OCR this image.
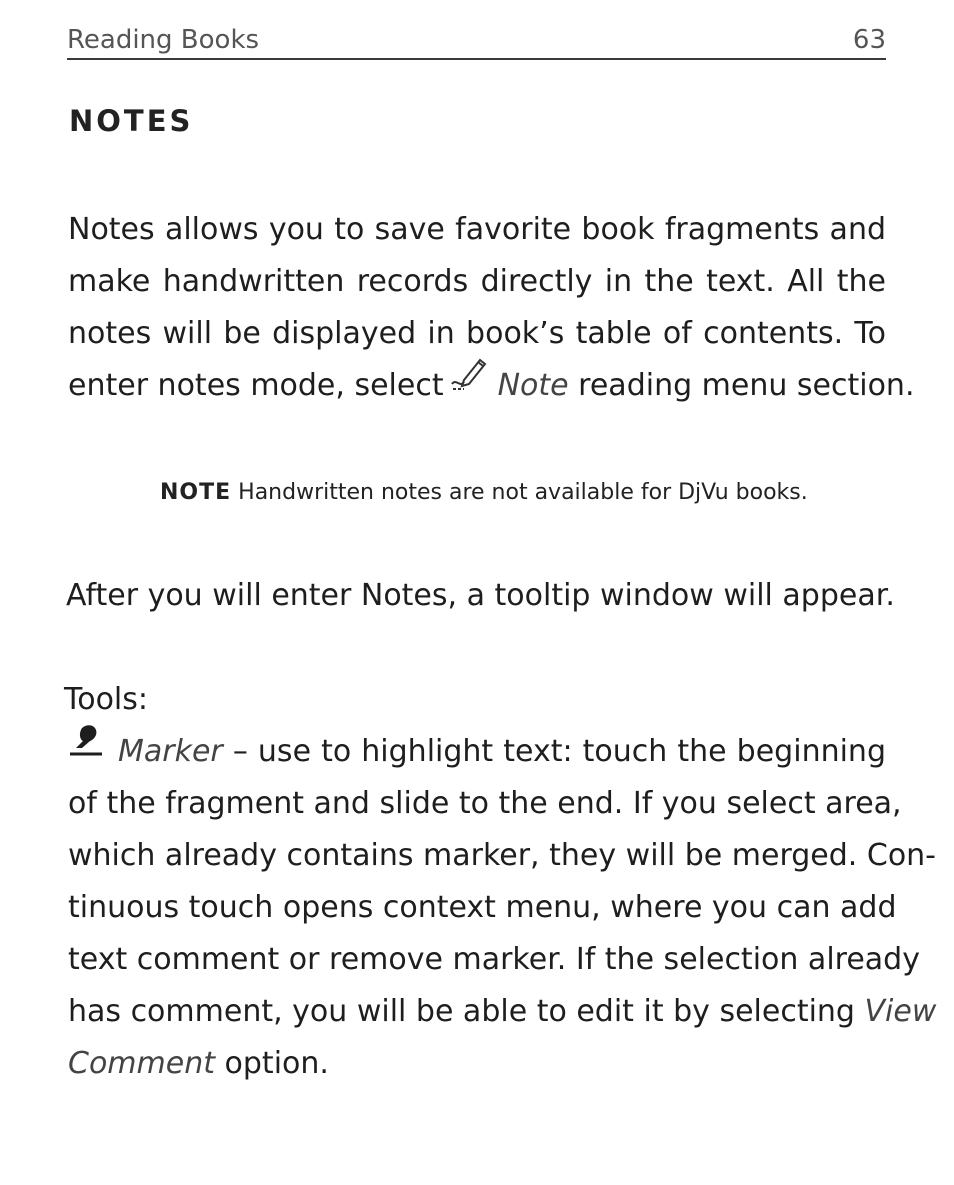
Reading Books	63
NOTES
Notes allows you to save favorite book fragments and
make handwritten records directly in the text. All the
notes will be displayed in book’s table of contents. To
enter notes mode, select Note reading menu section.
NOTE Handwritten notes are not available for DjVu books.
After you will enter Notes, a tooltip window will appear.
Tools:
Marker – use to highlight text: touch the beginning
of the fragment and slide to the end. If you select area,
which already contains marker, they will be merged. Con-
tinuous touch opens context menu, where you can add
text comment or remove marker. If the selection already
has comment, you will be able to edit it by selecting View
Comment option.
